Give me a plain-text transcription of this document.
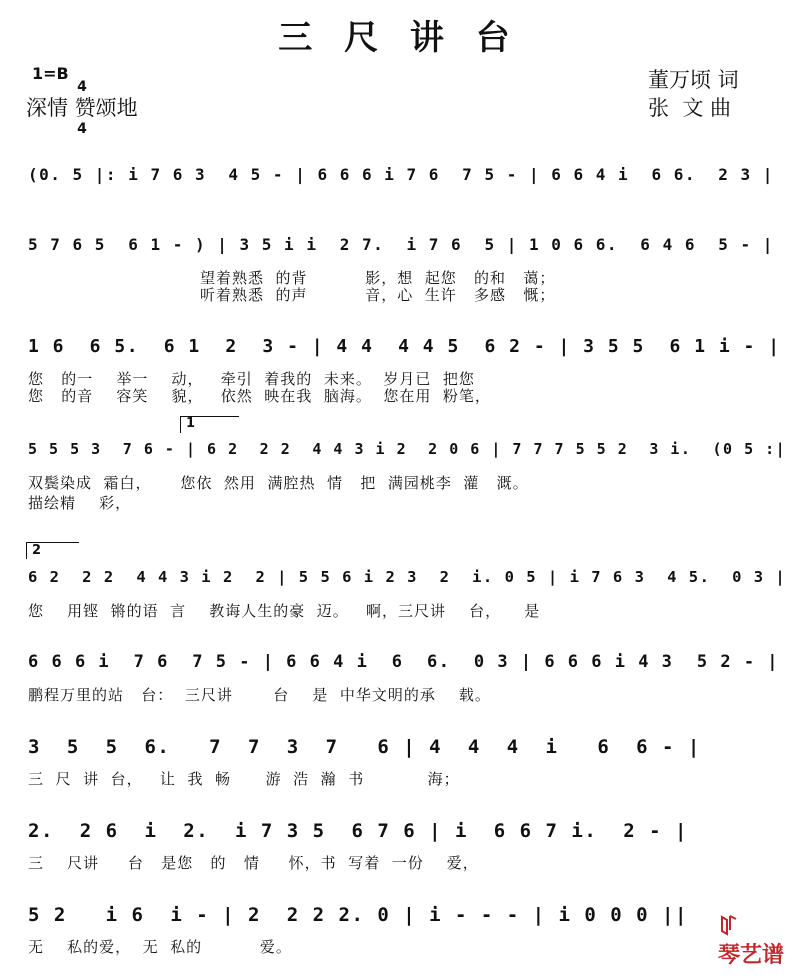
三 尺 讲 台
1=B

4

4

深情 赞颂地
董万顷 词
张  文 曲
(0. 5 |: i 7 6 3  4 5 - | 6 6 6 i 7 6  7 5 - | 6 6 4 i  6 6.  2 3 |
5 7 6 5  6 1 - ) | 3 5 i i  2 7.  i 7 6  5 | 1 0 6 6.  6 4 6  5 - |
望着熟悉  的背          影，想  起您   的和   蔼；
听着熟悉  的声          音，心  生许   多感   慨；
1 6  6 5.  6 1  2  3 - | 4 4  4 4 5  6 2 - | 3 5 5  6 1 i - |
您   的一    举一    动，   牵引  着我的  未来。  岁月已  把您
您   的音    容笑    貌，   依然  映在我  脑海。  您在用  粉笔，
1
5 5 5 3  7 6 - | 6 2  2 2  4 4 3 i 2  2 0 6 | 7 7 7 5 5 2  3 i.  (0 5 :|
双鬓染成  霜白，     您依  然用  满腔热  情   把  满园桃李  灌   溉。
描绘精    彩，
2
6 2  2 2  4 4 3 i 2  2 | 5 5 6 i 2 3  2  i. 0 5 | i 7 6 3  4 5.  0 3 |
您    用铿  锵的语  言    教诲人生的豪  迈。   啊，三尺讲    台，    是
6 6 6 i  7 6  7 5 - | 6 6 4 i  6  6.  0 3 | 6 6 6 i 4 3  5 2 - |
鹏程万里的站   台：  三尺讲       台    是  中华文明的承    载。
3  5  5  6.   7  7  3  7   6 | 4  4  4  i   6  6 - |
三  尺  讲  台，   让  我  畅      游  浩  瀚  书           海；
2.  2 6  i  2.  i 7 3 5  6 7 6 | i  6 6 7 i.  2 - |
三    尺讲     台   是您   的   情     怀，书  写着  一份    爱，
5 2   i 6  i - | 2  2 2 2. 0 | i - - - | i 0 0 0 ||
无    私的爱，  无  私的          爱。

	琴艺谱
